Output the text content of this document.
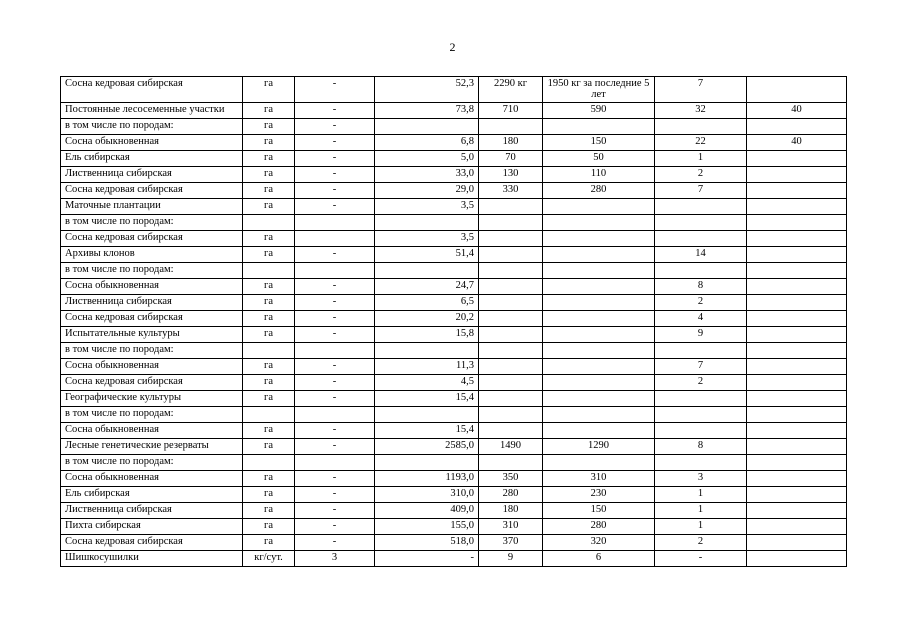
2
Сосна кедровая сибирская	га	-	52,3	2290 кг	1950 кг за последние 5 лет	7	
Постоянные лесосеменные участки	га	-	73,8	710	590	32	40
в том числе по породам:	га	-					
Сосна обыкновенная	га	-	6,8	180	150	22	40
Ель сибирская	га	-	5,0	70	50	1	
Лиственница сибирская	га	-	33,0	130	110	2	
Сосна кедровая сибирская	га	-	29,0	330	280	7	
Маточные плантации	га	-	3,5				
в том числе по породам:							
Сосна кедровая сибирская	га		3,5				
Архивы клонов	га	-	51,4			14	
в том числе по породам:							
Сосна обыкновенная	га	-	24,7			8	
Лиственница сибирская	га	-	6,5			2	
Сосна кедровая сибирская	га	-	20,2			4	
Испытательные культуры	га	-	15,8			9	
в том числе по породам:							
Сосна обыкновенная	га	-	11,3			7	
Сосна кедровая сибирская	га	-	4,5			2	
Географические культуры	га	-	15,4				
в том числе по породам:							
Сосна обыкновенная	га	-	15,4				
Лесные генетические резерваты	га	-	2585,0	1490	1290	8	
в том числе по породам:							
Сосна обыкновенная	га	-	1193,0	350	310	3	
Ель сибирская	га	-	310,0	280	230	1	
Лиственница сибирская	га	-	409,0	180	150	1	
Пихта сибирская	га	-	155,0	310	280	1	
Сосна кедровая сибирская	га	-	518,0	370	320	2	
Шишкосушилки	кг/сут.	3	-	9	6	-	
